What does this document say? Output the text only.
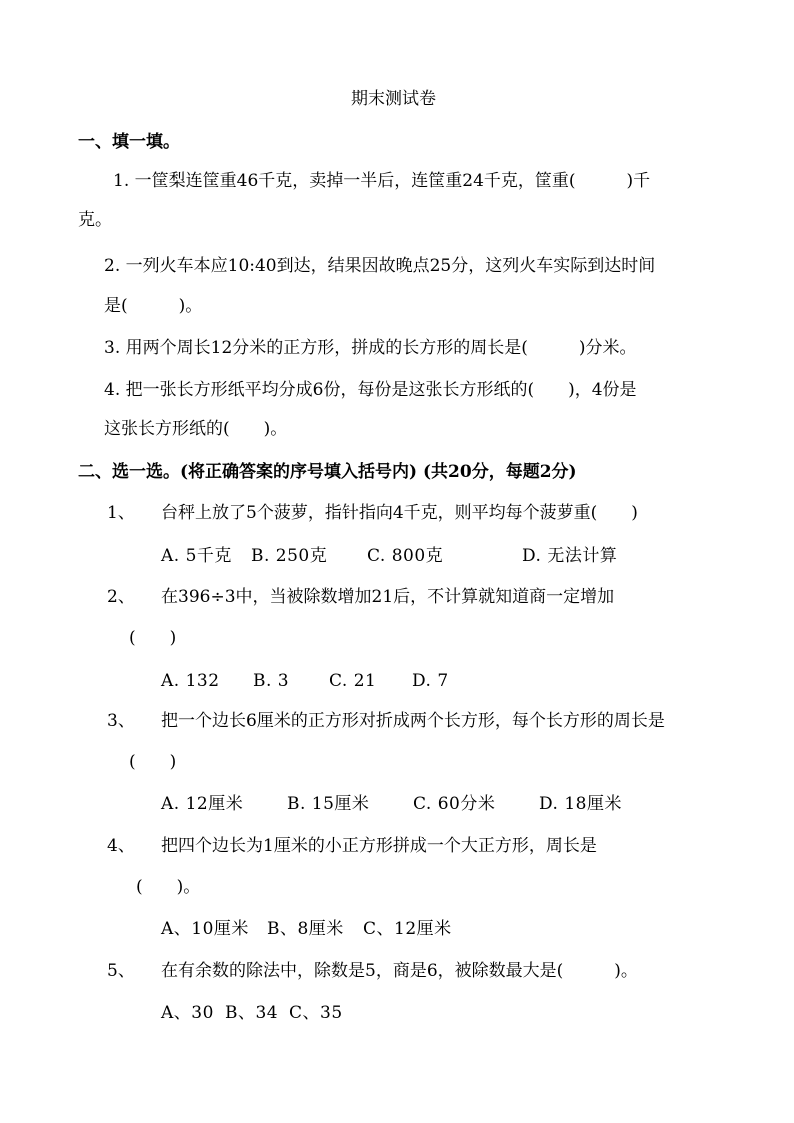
期末测试卷
一、填一填。
1. 一筐梨连筐重46千克，卖掉一半后，连筐重24千克，筐重(　　　)千
克。
2. 一列火车本应10:40到达，结果因故晚点25分，这列火车实际到达时间
是(　　　)。
3. 用两个周长12分米的正方形，拼成的长方形的周长是(　　　)分米。
4. 把一张长方形纸平均分成6份，每份是这张长方形纸的(　　)，4份是
这张长方形纸的(　　)。
二、选一选。(将正确答案的序号填入括号内) (共20分，每题2分)
1、 台秤上放了5个菠萝，指针指向4千克，则平均每个菠萝重(　　)
A. 5千克 B. 250克 C. 800克	D. 无法计算
2、 在396÷3中，当被除数增加21后，不计算就知道商一定增加
(　　)
A. 132 B. 3 C. 21 D. 7
3、 把一个边长6厘米的正方形对折成两个长方形，每个长方形的周长是
(　　)
A. 12厘米	B. 15厘米	C. 60分米	D. 18厘米
4、 把四个边长为1厘米的小正方形拼成一个大正方形，周长是
(　　)。
A、10厘米 B、8厘米 C、12厘米
5、 在有余数的除法中，除数是5，商是6，被除数最大是(　　　)。
A、30 B、34 C、35
